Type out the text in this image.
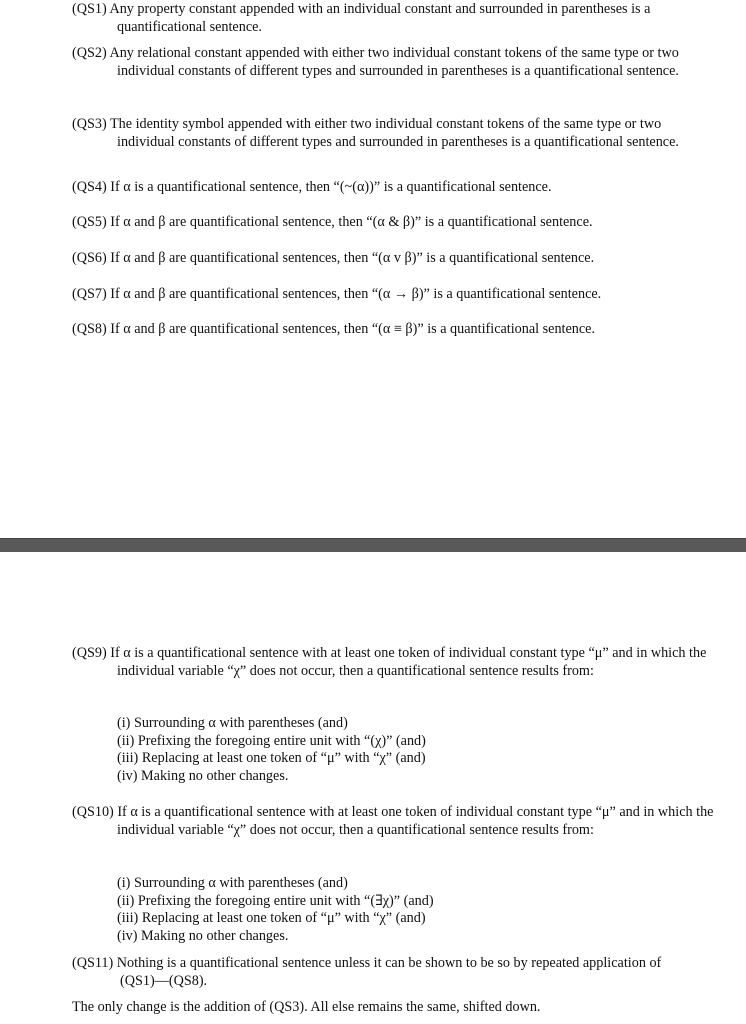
(QS1) Any property constant appended with an individual constant and surrounded in parentheses is a quantificational sentence.
(QS2) Any relational constant appended with either two individual constant tokens of the same type or two individual constants of different types and surrounded in parentheses is a quantificational sentence.
(QS3) The identity symbol appended with either two individual constant tokens of the same type or two individual constants of different types and surrounded in parentheses is a quantificational sentence.
(QS4) If α is a quantificational sentence, then “(~(α))” is a quantificational sentence.
(QS5) If α and β are quantificational sentence, then “(α & β)” is a quantificational sentence.
(QS6) If α and β are quantificational sentences, then “(α v β)” is a quantificational sentence.
(QS7) If α and β are quantificational sentences, then “(α → β)” is a quantificational sentence.
(QS8) If α and β are quantificational sentences, then “(α ≡ β)” is a quantificational sentence.
(QS9) If α is a quantificational sentence with at least one token of individual constant type “μ” and in which the individual variable “χ” does not occur, then a quantificational sentence results from:
(i) Surrounding α with parentheses (and)
(ii) Prefixing the foregoing entire unit with “(χ)” (and)
(iii) Replacing at least one token of “μ” with “χ” (and)
(iv) Making no other changes.
(QS10) If α is a quantificational sentence with at least one token of individual constant type “μ” and in which the individual variable “χ” does not occur, then a quantificational sentence results from:
(i) Surrounding α with parentheses (and)
(ii) Prefixing the foregoing entire unit with “(∃χ)” (and)
(iii) Replacing at least one token of “μ” with “χ” (and)
(iv) Making no other changes.
(QS11) Nothing is a quantificational sentence unless it can be shown to be so by repeated application of (QS1)—(QS8).
The only change is the addition of (QS3). All else remains the same, shifted down.
